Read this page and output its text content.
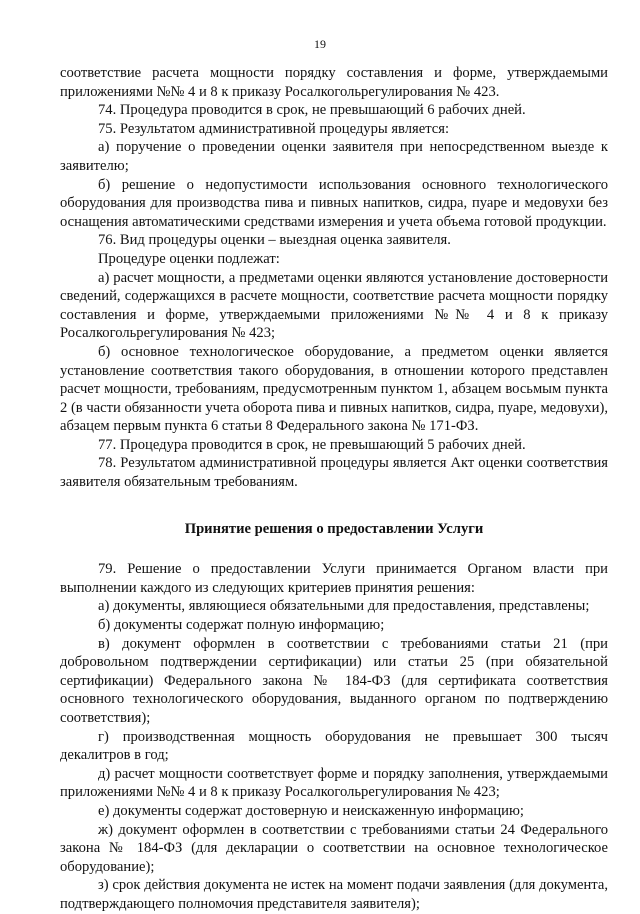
19

соответствие расчета мощности порядку составления и форме, утверждаемыми приложениями №№ 4 и 8 к приказу Росалкогольрегулирования № 423.

74. Процедура проводится в срок, не превышающий 6 рабочих дней.

75. Результатом административной процедуры является:

а) поручение о проведении оценки заявителя при непосредственном выезде к заявителю;

б) решение о недопустимости использования основного технологического оборудования для производства пива и пивных напитков, сидра, пуаре и медовухи без оснащения автоматическими средствами измерения и учета объема готовой продукции.

76. Вид процедуры оценки – выездная оценка заявителя.

Процедуре оценки подлежат:

а) расчет мощности, а предметами оценки являются установление достоверности сведений, содержащихся в расчете мощности, соответствие расчета мощности порядку составления и форме, утверждаемыми приложениями №№ 4 и 8 к приказу Росалкогольрегулирования № 423;

б) основное технологическое оборудование, а предметом оценки является установление соответствия такого оборудования, в отношении которого представлен расчет мощности, требованиям, предусмотренным пунктом 1, абзацем восьмым пункта 2 (в части обязанности учета оборота пива и пивных напитков, сидра, пуаре, медовухи), абзацем первым пункта 6 статьи 8 Федерального закона № 171-ФЗ.

77. Процедура проводится в срок, не превышающий 5 рабочих дней.

78. Результатом административной процедуры является Акт оценки соответствия заявителя обязательным требованиям.

Принятие решения о предоставлении Услуги

79. Решение о предоставлении Услуги принимается Органом власти при выполнении каждого из следующих критериев принятия решения:

а) документы, являющиеся обязательными для предоставления, представлены;

б) документы содержат полную информацию;

в) документ оформлен в соответствии с требованиями статьи 21 (при добровольном подтверждении сертификации) или статьи 25 (при обязательной сертификации) Федерального закона № 184-ФЗ (для сертификата соответствия основного технологического оборудования, выданного органом по подтверждению соответствия);

г) производственная мощность оборудования не превышает 300 тысяч декалитров в год;

д) расчет мощности соответствует форме и порядку заполнения, утверждаемыми приложениями №№ 4 и 8 к приказу Росалкогольрегулирования № 423;

е) документы содержат достоверную и неискаженную информацию;

ж) документ оформлен в соответствии с требованиями статьи 24 Федерального закона № 184-ФЗ (для декларации о соответствии на основное технологическое оборудование);

з) срок действия документа не истек на момент подачи заявления (для документа, подтверждающего полномочия представителя заявителя);
